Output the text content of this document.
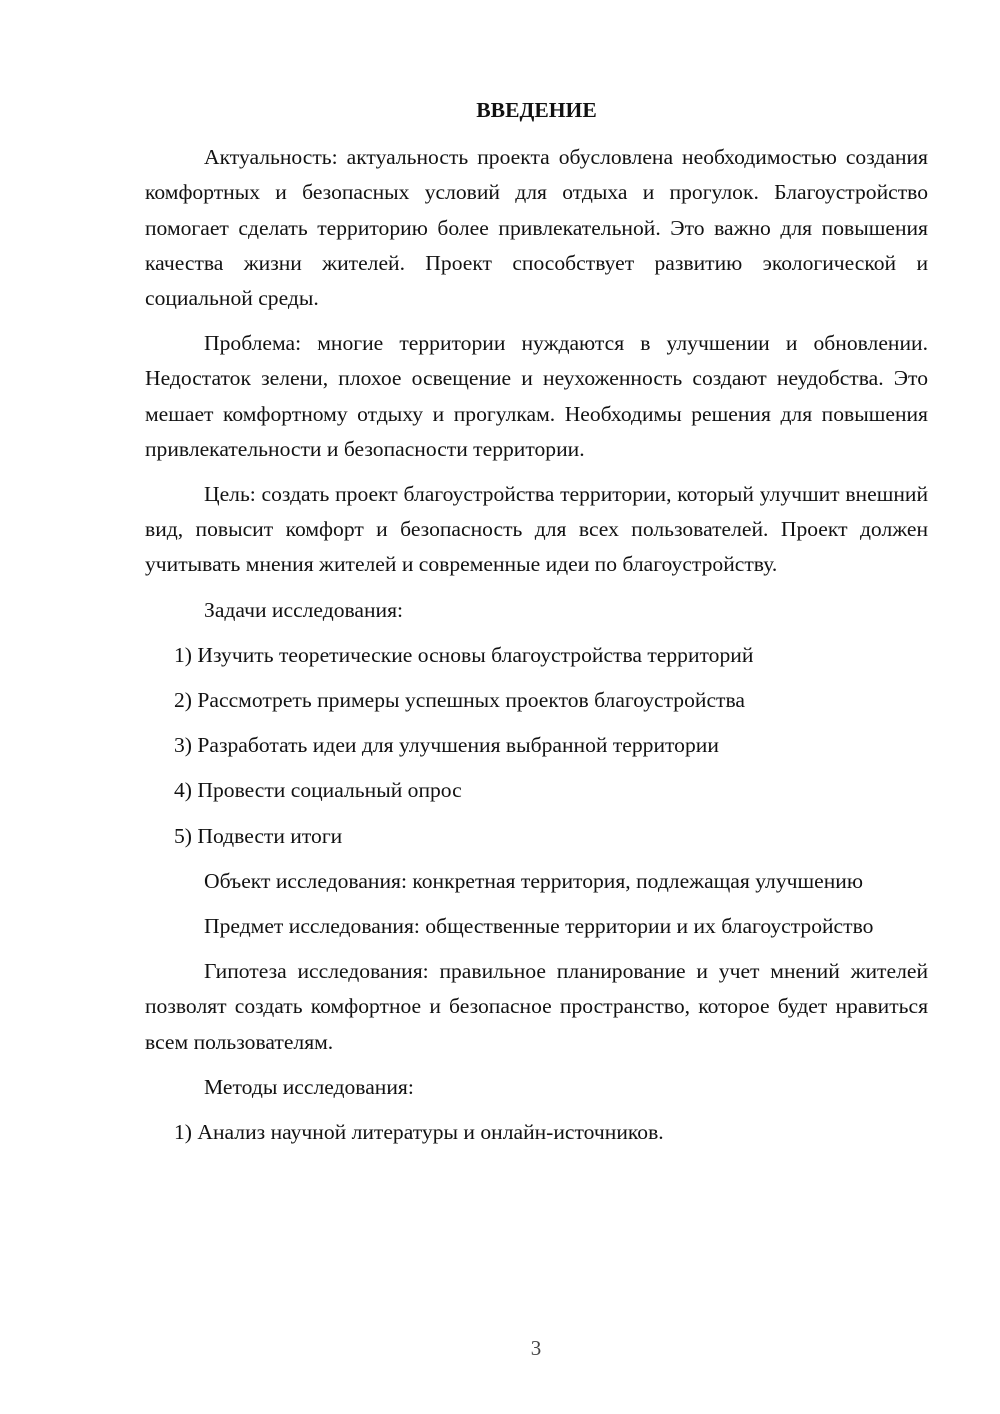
ВВЕДЕНИЕ

Актуальность: актуальность проекта обусловлена необходимостью создания комфортных и безопасных условий для отдыха и прогулок. Благоустройство помогает сделать территорию более привлекательной. Это важно для повышения качества жизни жителей. Проект способствует развитию экологической и социальной среды.

Проблема: многие территории нуждаются в улучшении и обновлении. Недостаток зелени, плохое освещение и неухоженность создают неудобства. Это мешает комфортному отдыху и прогулкам. Необходимы решения для повышения привлекательности и безопасности территории.

Цель: создать проект благоустройства территории, который улучшит внешний вид, повысит комфорт и безопасность для всех пользователей. Проект должен учитывать мнения жителей и современные идеи по благоустройству.

Задачи исследования:
1) Изучить теоретические основы благоустройства территорий
2) Рассмотреть примеры успешных проектов благоустройства
3) Разработать идеи для улучшения выбранной территории
4) Провести социальный опрос
5) Подвести итоги

Объект исследования: конкретная территория, подлежащая улучшению

Предмет исследования: общественные территории и их благоустройство

Гипотеза исследования: правильное планирование и учет мнений жителей позволят создать комфортное и безопасное пространство, которое будет нравиться всем пользователям.

Методы исследования:
1) Анализ научной литературы и онлайн-источников.
3
